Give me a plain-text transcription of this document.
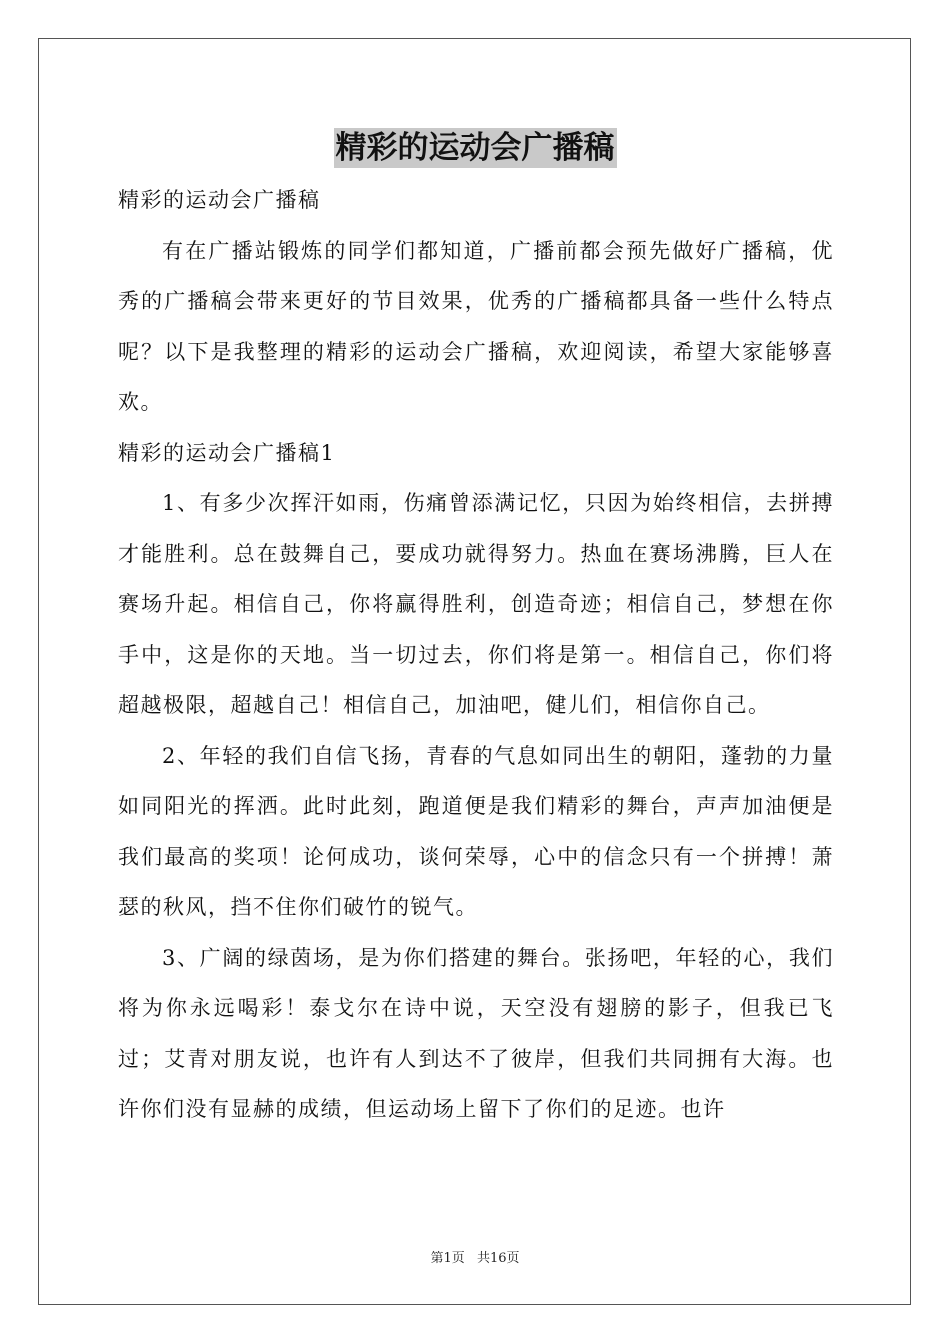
精彩的运动会广播稿

精彩的运动会广播稿

有在广播站锻炼的同学们都知道，广播前都会预先做好广播稿，优秀的广播稿会带来更好的节目效果，优秀的广播稿都具备一些什么特点呢？以下是我整理的精彩的运动会广播稿，欢迎阅读，希望大家能够喜欢。

精彩的运动会广播稿1

1、有多少次挥汗如雨，伤痛曾添满记忆，只因为始终相信，去拼搏才能胜利。总在鼓舞自己，要成功就得努力。热血在赛场沸腾，巨人在赛场升起。相信自己，你将赢得胜利，创造奇迹；相信自己，梦想在你手中，这是你的天地。当一切过去，你们将是第一。相信自己，你们将超越极限，超越自己！相信自己，加油吧，健儿们，相信你自己。

2、年轻的我们自信飞扬，青春的气息如同出生的朝阳，蓬勃的力量如同阳光的挥洒。此时此刻，跑道便是我们精彩的舞台，声声加油便是我们最高的奖项！论何成功，谈何荣辱，心中的信念只有一个拼搏！萧瑟的秋风，挡不住你们破竹的锐气。

3、广阔的绿茵场，是为你们搭建的舞台。张扬吧，年轻的心，我们将为你永远喝彩！泰戈尔在诗中说，天空没有翅膀的影子，但我已飞过；艾青对朋友说，也许有人到达不了彼岸，但我们共同拥有大海。也许你们没有显赫的成绩，但运动场上留下了你们的足迹。也许

第1页 共16页
